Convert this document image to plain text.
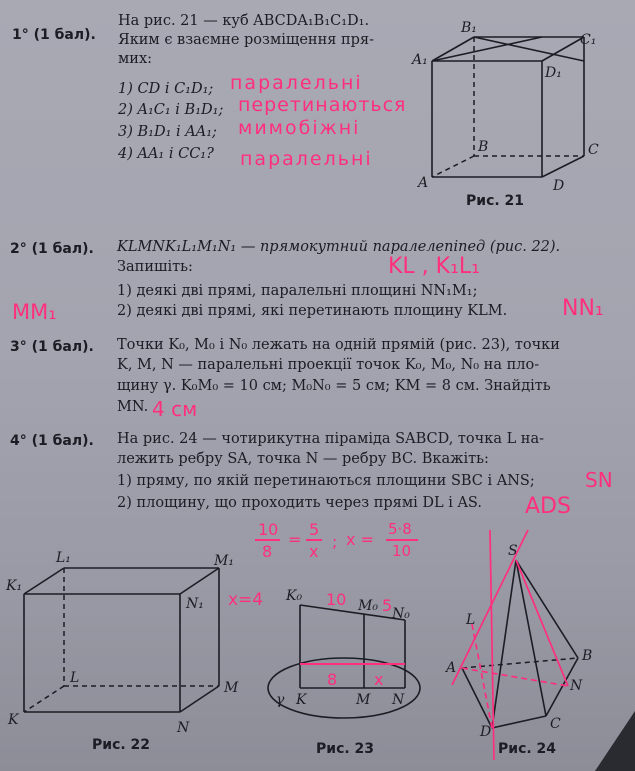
1° (1 бал).
На рис. 21 — куб ABCDA₁B₁C₁D₁.
Яким є взаємне розміщення пря-
мих:
1) CD і C₁D₁;
2) A₁C₁ і B₁D₁;
3) B₁D₁ і AA₁;
4) AA₁ і CC₁?
паралельні
перетинаються
мимобіжні
паралельні
B₁
C₁
A₁
D₁
B	C
A	D
Рис. 21
2° (1 бал). KLMNK₁L₁M₁N₁ — прямокутний паралелепіпед (рис. 22).
Запишіть:
1) деякі дві прямі, паралельні площині NN₁M₁;
2) деякі дві прямі, які перетинають площину KLM.
KL , K₁L₁
MM₁	NN₁
3° (1 бал). Точки K₀, M₀ і N₀ лежать на одній прямій (рис. 23), точки
K, M, N — паралельні проекції точок K₀, M₀, N₀ на пло-
щину γ. K₀M₀ = 10 см; M₀N₀ = 5 см; KM = 8 см. Знайдіть
MN. 4 см
4° (1 бал). На рис. 24 — чотирикутна піраміда SABCD, точка L на-
лежить ребру SA, точка N — ребру BC. Вкажіть:
1) пряму, по якій перетинаються площини SBC і ANS;
2) площину, що проходить через прямі DL і AS.
SN
ADS
10
8
=
5
x
; x =
5·8
10
x=4
L₁	M₁
K₁
N₁
L
M
K	N
Рис. 22
K₀
M₀ N₀
γ K	M N
10 5
8 x
Рис. 23
S
L
A
B
N
D	C
Рис. 24
